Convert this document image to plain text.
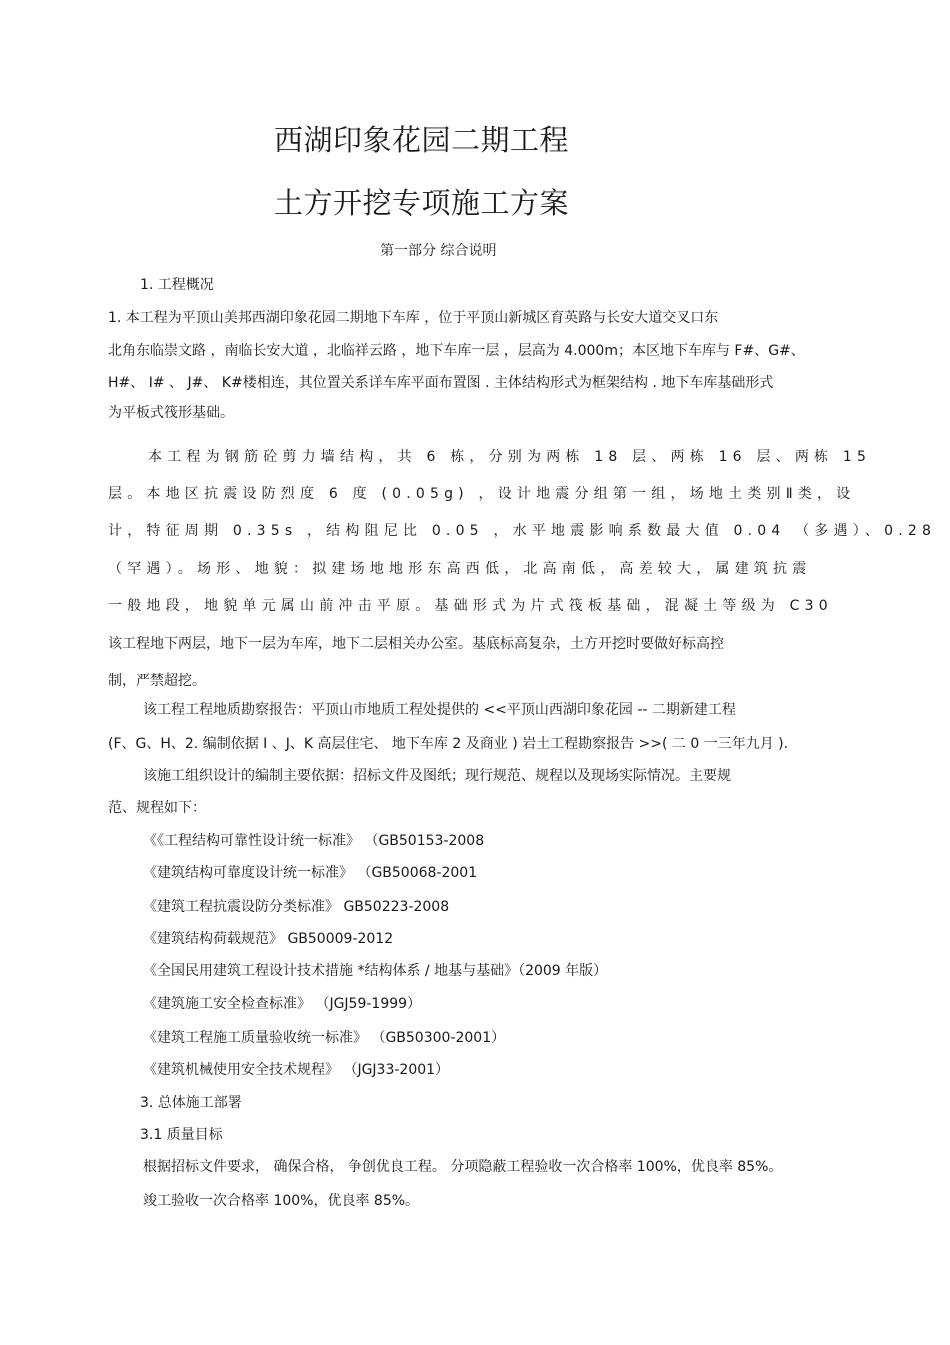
西湖印象花园二期工程
土方开挖专项施工方案
第一部分 综合说明
1. 工程概况
1. 本工程为平顶山美邦西湖印象花园二期地下车库 ，位于平顶山新城区育英路与长安大道交叉口东
北角东临崇文路 ，南临长安大道 ，北临祥云路 ，地下车库一层 ，层高为 4.000m；本区地下车库与 F#、G#、
H#、 I# 、 J#、 K#楼相连，其位置关系详车库平面布置图 . 主体结构形式为框架结构 . 地下车库基础形式
为平板式筏形基础。
本工程为钢筋砼剪力墙结构，共 6 栋，分别为两栋 18 层、两栋 16 层、两栋 15
层。本地区抗震设防烈度 6 度 (0.05g) ，设计地震分组第一组，场地土类别Ⅱ类，设
计，特征周期 0.35s ，结构阻尼比 0.05 ，水平地震影响系数最大值 0.04 （多遇）、0.28
（罕遇）。场形、地貌：拟建场地地形东高西低，北高南低，高差较大，属建筑抗震
一般地段，地貌单元属山前冲击平原。基础形式为片式筏板基础，混凝土等级为 C30
该工程地下两层，地下一层为车库，地下二层相关办公室。基底标高复杂，土方开挖时要做好标高控
制，严禁超挖。
该工程工程地质勘察报告：平顶山市地质工程处提供的 <<平顶山西湖印象花园 -- 二期新建工程
(F、G、H、2. 编制依据 I 、J、K 高层住宅、 地下车库 2 及商业 ) 岩土工程勘察报告 >>( 二 0 一三年九月 ).
该施工组织设计的编制主要依据：招标文件及图纸；现行规范、规程以及现场实际情况。主要规
范、规程如下：
《《工程结构可靠性设计统一标准》 （GB50153-2008
《建筑结构可靠度设计统一标准》 （GB50068-2001
《建筑工程抗震设防分类标准》 GB50223-2008
《建筑结构荷载规范》 GB50009-2012
《全国民用建筑工程设计技术措施 *结构体系 / 地基与基础》（2009 年版）
《建筑施工安全检查标准》 （JGJ59-1999）
《建筑工程施工质量验收统一标准》 （GB50300-2001）
《建筑机械使用安全技术规程》 （JGJ33-2001）
3. 总体施工部署
3.1 质量目标
根据招标文件要求， 确保合格， 争创优良工程。 分项隐蔽工程验收一次合格率 100%，优良率 85%。
竣工验收一次合格率 100%，优良率 85%。
